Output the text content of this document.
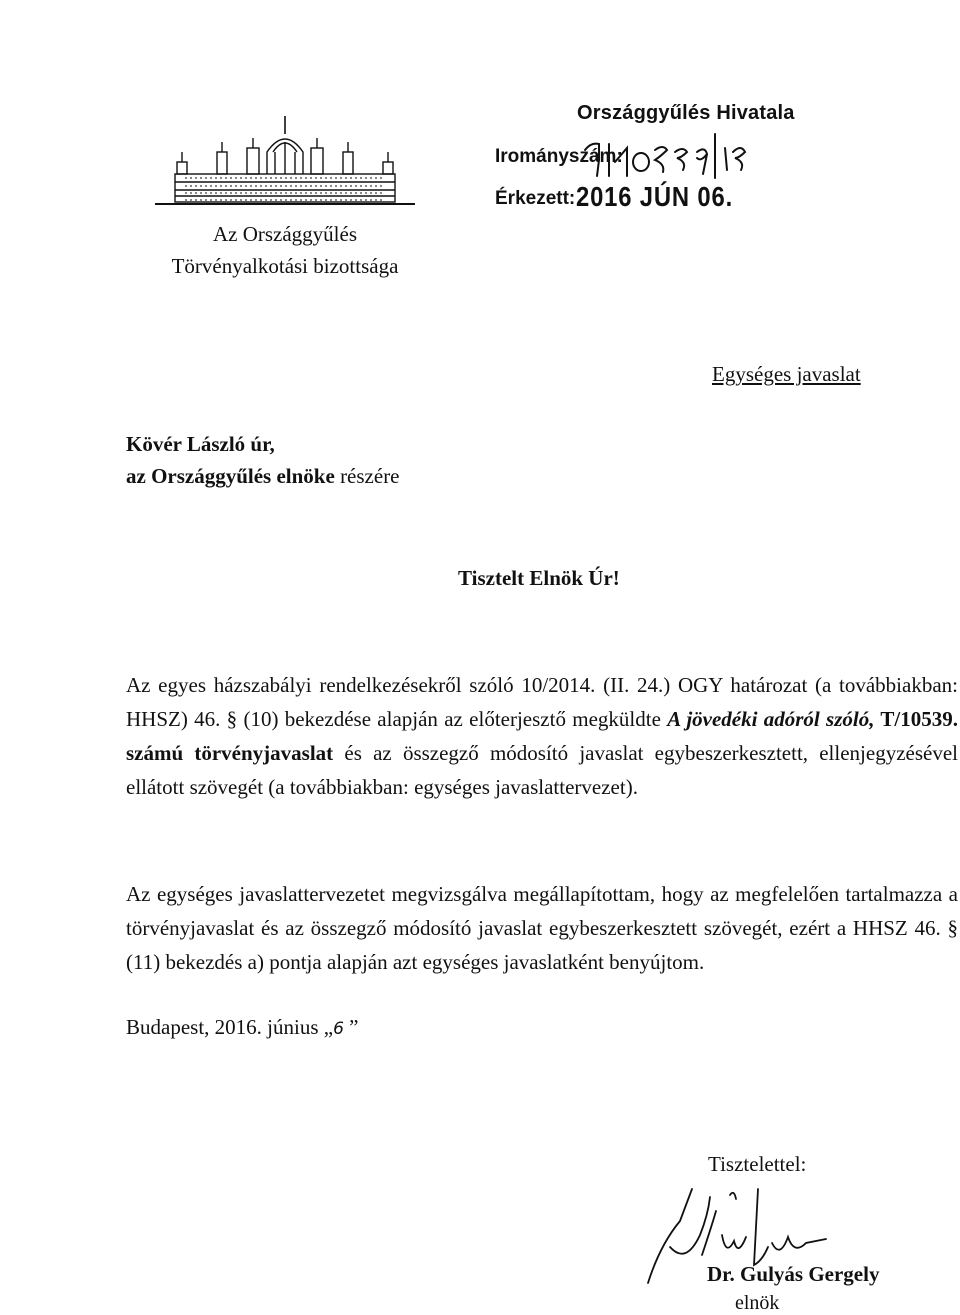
Az Országgyűlés
Törvényalkotási bizottsága
Országgyűlés Hivatala
Irományszám:
Érkezett: 2016 JÚN 06.
Egységes javaslat
Kövér László úr,
az Országgyűlés elnöke részére
Tisztelt Elnök Úr!
Az egyes házszabályi rendelkezésekről szóló 10/2014. (II. 24.) OGY határozat (a továbbiakban: HHSZ) 46. § (10) bekezdése alapján az előterjesztő megküldte A jövedéki adóról szóló, T/10539. számú törvényjavaslat és az összegző módosító javaslat egybeszerkesztett, ellenjegyzésével ellátott szövegét (a továbbiakban: egységes javaslattervezet).
Az egységes javaslattervezetet megvizsgálva megállapítottam, hogy az megfelelően tartalmazza a törvényjavaslat és az összegző módosító javaslat egybeszerkesztett szövegét, ezért a HHSZ 46. § (11) bekezdés a) pontja alapján azt egységes javaslatként benyújtom.
Budapest, 2016. június „6 ”
Tisztelettel:
Dr. Gulyás Gergely
elnök
